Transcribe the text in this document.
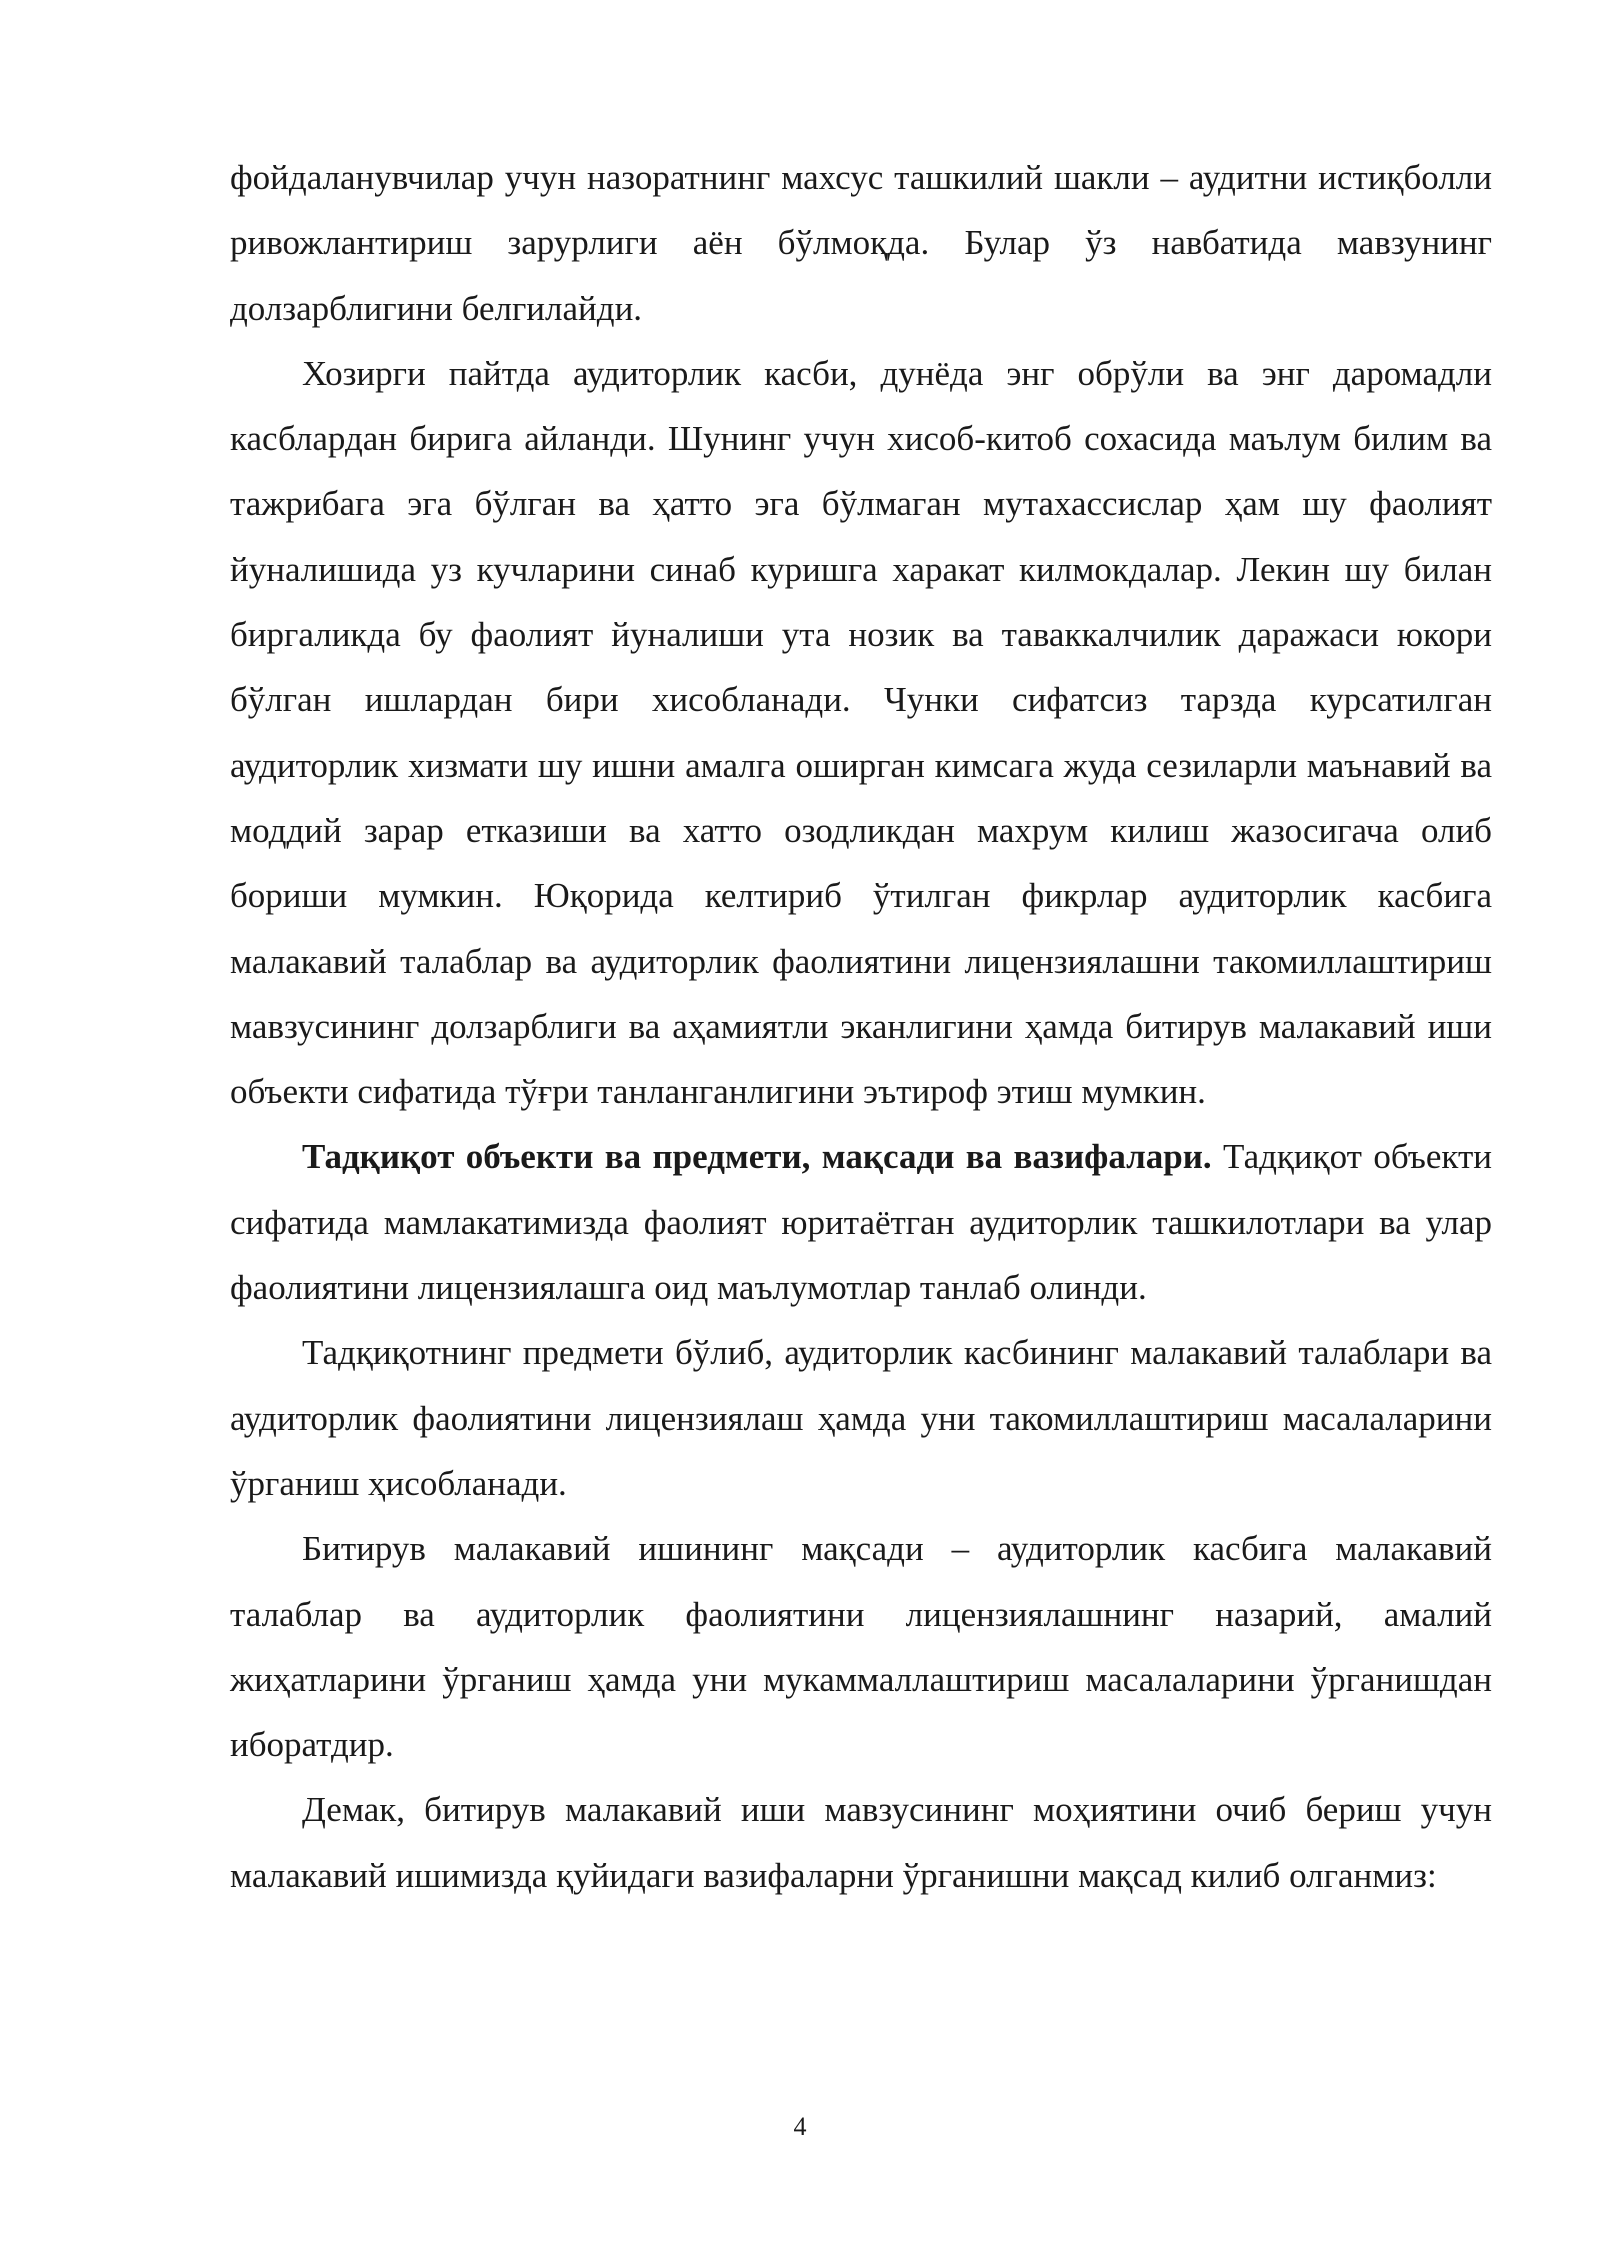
фойдаланувчилар учун назоратнинг махсус ташкилий шакли – аудитни истиқболли ривожлантириш зарурлиги аён бўлмоқда. Булар ўз навбатида мавзунинг долзарблигини белгилайди.

Хозирги пайтда аудиторлик касби, дунёда энг обрўли ва энг даромадли касблардан бирига айланди. Шунинг учун хисоб-китоб сохасида маълум билим ва тажрибага эга бўлган ва ҳатто эга бўлмаган мутахассислар ҳам шу фаолият йуналишида уз кучларини синаб куришга харакат килмокдалар. Лекин шу билан биргаликда бу фаолият йуналиши ута нозик ва таваккалчилик даражаси юкори бўлган ишлардан бири хисобланади. Чунки сифатсиз тарзда курсатилган аудиторлик хизмати шу ишни амалга оширган кимсага жуда сезиларли маънавий ва моддий зарар етказиши ва хатто озодликдан махрум килиш жазосигача олиб бориши мумкин. Юқорида келтириб ўтилган фикрлар аудиторлик касбига малакавий талаблар ва аудиторлик фаолиятини лицензиялашни такомиллаштириш мавзусининг долзарблиги ва аҳамиятли эканлигини ҳамда битирув малакавий иши объекти сифатида тўғри танланганлигини эътироф этиш мумкин.

Тадқиқот объекти ва предмети, мақсади ва вазифалари. Тадқиқот объекти сифатида мамлакатимизда фаолият юритаётган аудиторлик ташкилотлари ва улар фаолиятини лицензиялашга оид маълумотлар танлаб олинди.

Тадқиқотнинг предмети бўлиб, аудиторлик касбининг малакавий талаблари ва аудиторлик фаолиятини лицензиялаш ҳамда уни такомиллаштириш масалаларини ўрганиш ҳисобланади.

Битирув малакавий ишининг мақсади – аудиторлик касбига малакавий талаблар ва аудиторлик фаолиятини лицензиялашнинг назарий, амалий жиҳатларини ўрганиш ҳамда уни мукаммаллаштириш масалаларини ўрганишдан иборатдир.

Демак, битирув малакавий иши мавзусининг моҳиятини очиб бериш учун малакавий ишимизда қуйидаги вазифаларни ўрганишни мақсад килиб олганмиз:

4
